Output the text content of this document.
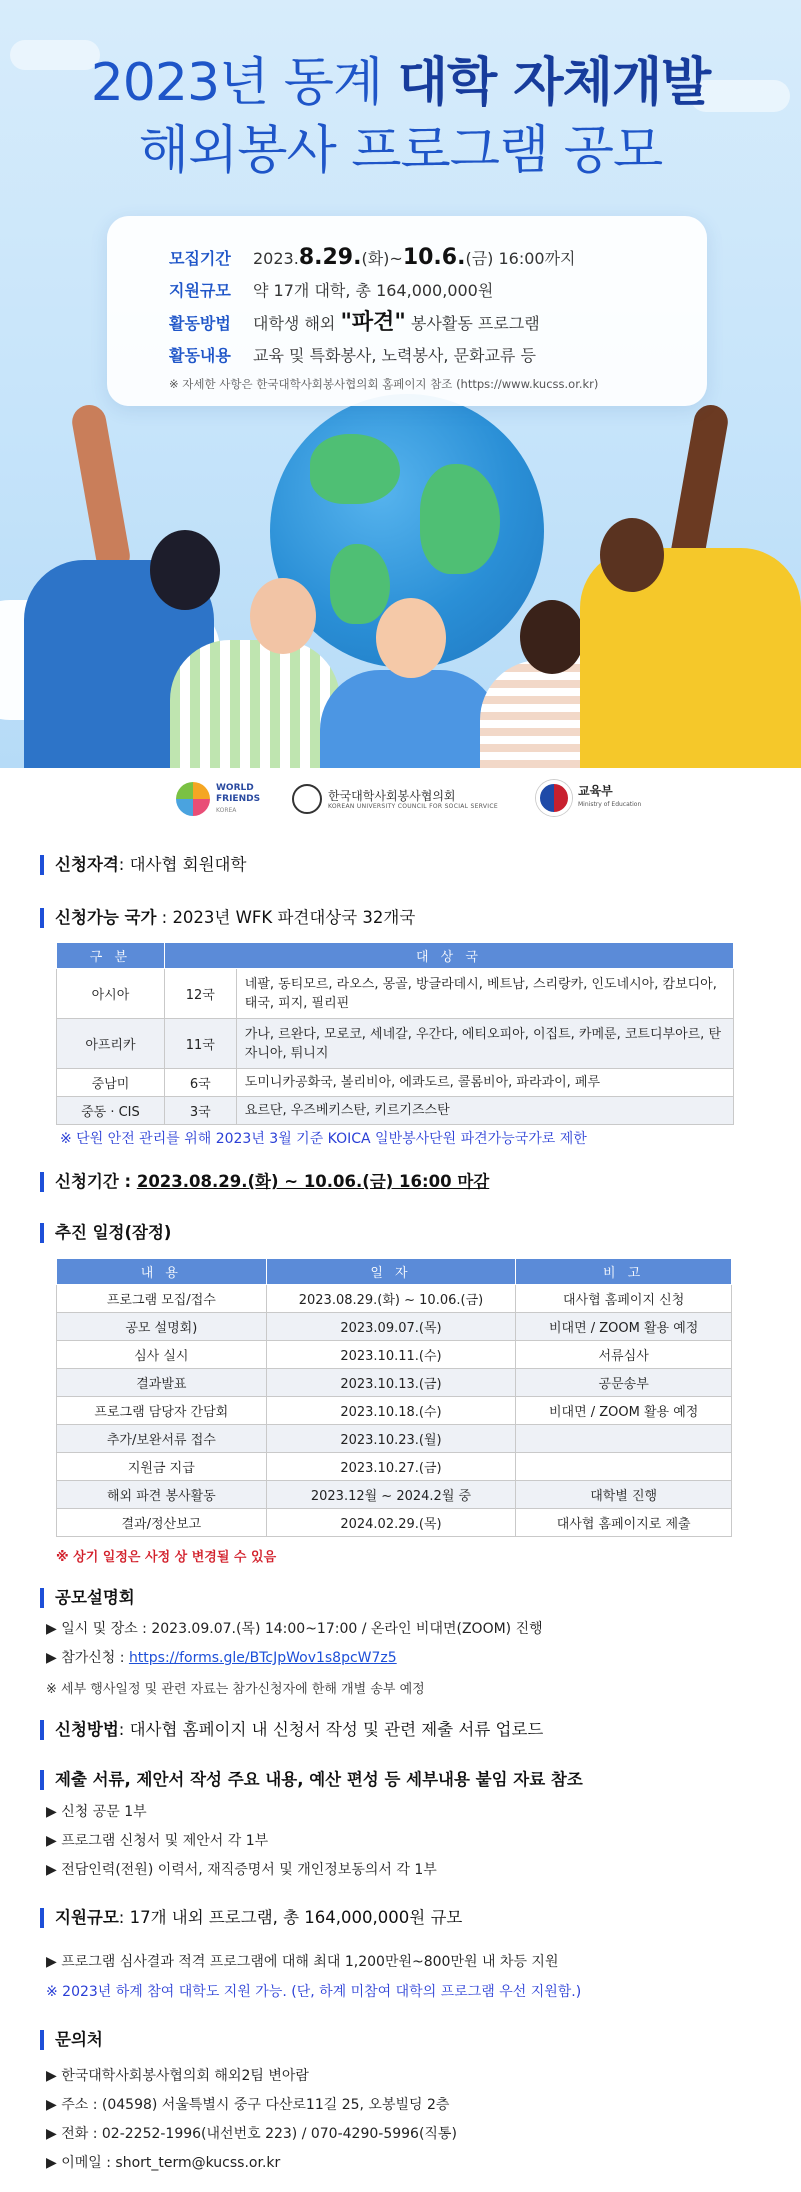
2023년 동계 대학 자체개발
해외봉사 프로그램 공모
모집기간	2023.8.29.(화)~10.6.(금) 16:00까지
지원규모	약 17개 대학, 총 164,000,000원
활동방법	대학생 해외 "파견" 봉사활동 프로그램
활동내용	교육 및 특화봉사, 노력봉사, 문화교류 등
※ 자세한 사항은 한국대학사회봉사협의회 홈페이지 참조 (https://www.kucss.or.kr)
WORLD
FRIENDS
KOREA
한국대학사회봉사협의회
KOREAN UNIVERSITY COUNCIL FOR SOCIAL SERVICE
교육부
Ministry of Education
신청자격: 대사협 회원대학
신청가능 국가 : 2023년 WFK 파견대상국 32개국
구 분	대 상 국	
아시아	12국	네팔, 동티모르, 라오스, 몽골, 방글라데시, 베트남, 스리랑카, 인도네시아, 캄보디아, 태국, 피지, 필리핀
아프리카	11국	가나, 르완다, 모로코, 세네갈, 우간다, 에티오피아, 이집트, 카메룬, 코트디부아르, 탄자니아, 튀니지
중남미	6국	도미니카공화국, 볼리비아, 에콰도르, 콜롬비아, 파라과이, 페루
중동 · CIS	3국	요르단, 우즈베키스탄, 키르기즈스탄
※ 단원 안전 관리를 위해 2023년 3월 기준 KOICA 일반봉사단원 파견가능국가로 제한
신청기간 : 2023.08.29.(화) ~ 10.06.(금) 16:00 마감
추진 일정(잠정)
내 용	일 자	비 고
프로그램 모집/접수	2023.08.29.(화) ~ 10.06.(금)	대사협 홈페이지 신청
공모 설명회)	2023.09.07.(목)	비대면 / ZOOM 활용 예정
심사 실시	2023.10.11.(수)	서류심사
결과발표	2023.10.13.(금)	공문송부
프로그램 담당자 간담회	2023.10.18.(수)	비대면 / ZOOM 활용 예정
추가/보완서류 접수	2023.10.23.(월)	
지원금 지급	2023.10.27.(금)	
해외 파견 봉사활동	2023.12월 ~ 2024.2월 중	대학별 진행
결과/정산보고	2024.02.29.(목)	대사협 홈페이지로 제출
※ 상기 일정은 사정 상 변경될 수 있음
공모설명회
▶ 일시 및 장소 : 2023.09.07.(목) 14:00~17:00 / 온라인 비대면(ZOOM) 진행
▶ 참가신청 : https://forms.gle/BTcJpWov1s8pcW7z5
※ 세부 행사일정 및 관련 자료는 참가신청자에 한해 개별 송부 예정
신청방법: 대사협 홈페이지 내 신청서 작성 및 관련 제출 서류 업로드
제출 서류, 제안서 작성 주요 내용, 예산 편성 등 세부내용 붙임 자료 참조
▶ 신청 공문 1부
▶ 프로그램 신청서 및 제안서 각 1부
▶ 전담인력(전원) 이력서, 재직증명서 및 개인정보동의서 각 1부
지원규모: 17개 내외 프로그램, 총 164,000,000원 규모
▶ 프로그램 심사결과 적격 프로그램에 대해 최대 1,200만원~800만원 내 차등 지원
※ 2023년 하계 참여 대학도 지원 가능. (단, 하계 미참여 대학의 프로그램 우선 지원함.)
문의처
▶ 한국대학사회봉사협의회 해외2팀 변아람
▶ 주소 : (04598) 서울특별시 중구 다산로11길 25, 오봉빌딩 2층
▶ 전화 : 02-2252-1996(내선번호 223) / 070-4290-5996(직통)
▶ 이메일 : short_term@kucss.or.kr
